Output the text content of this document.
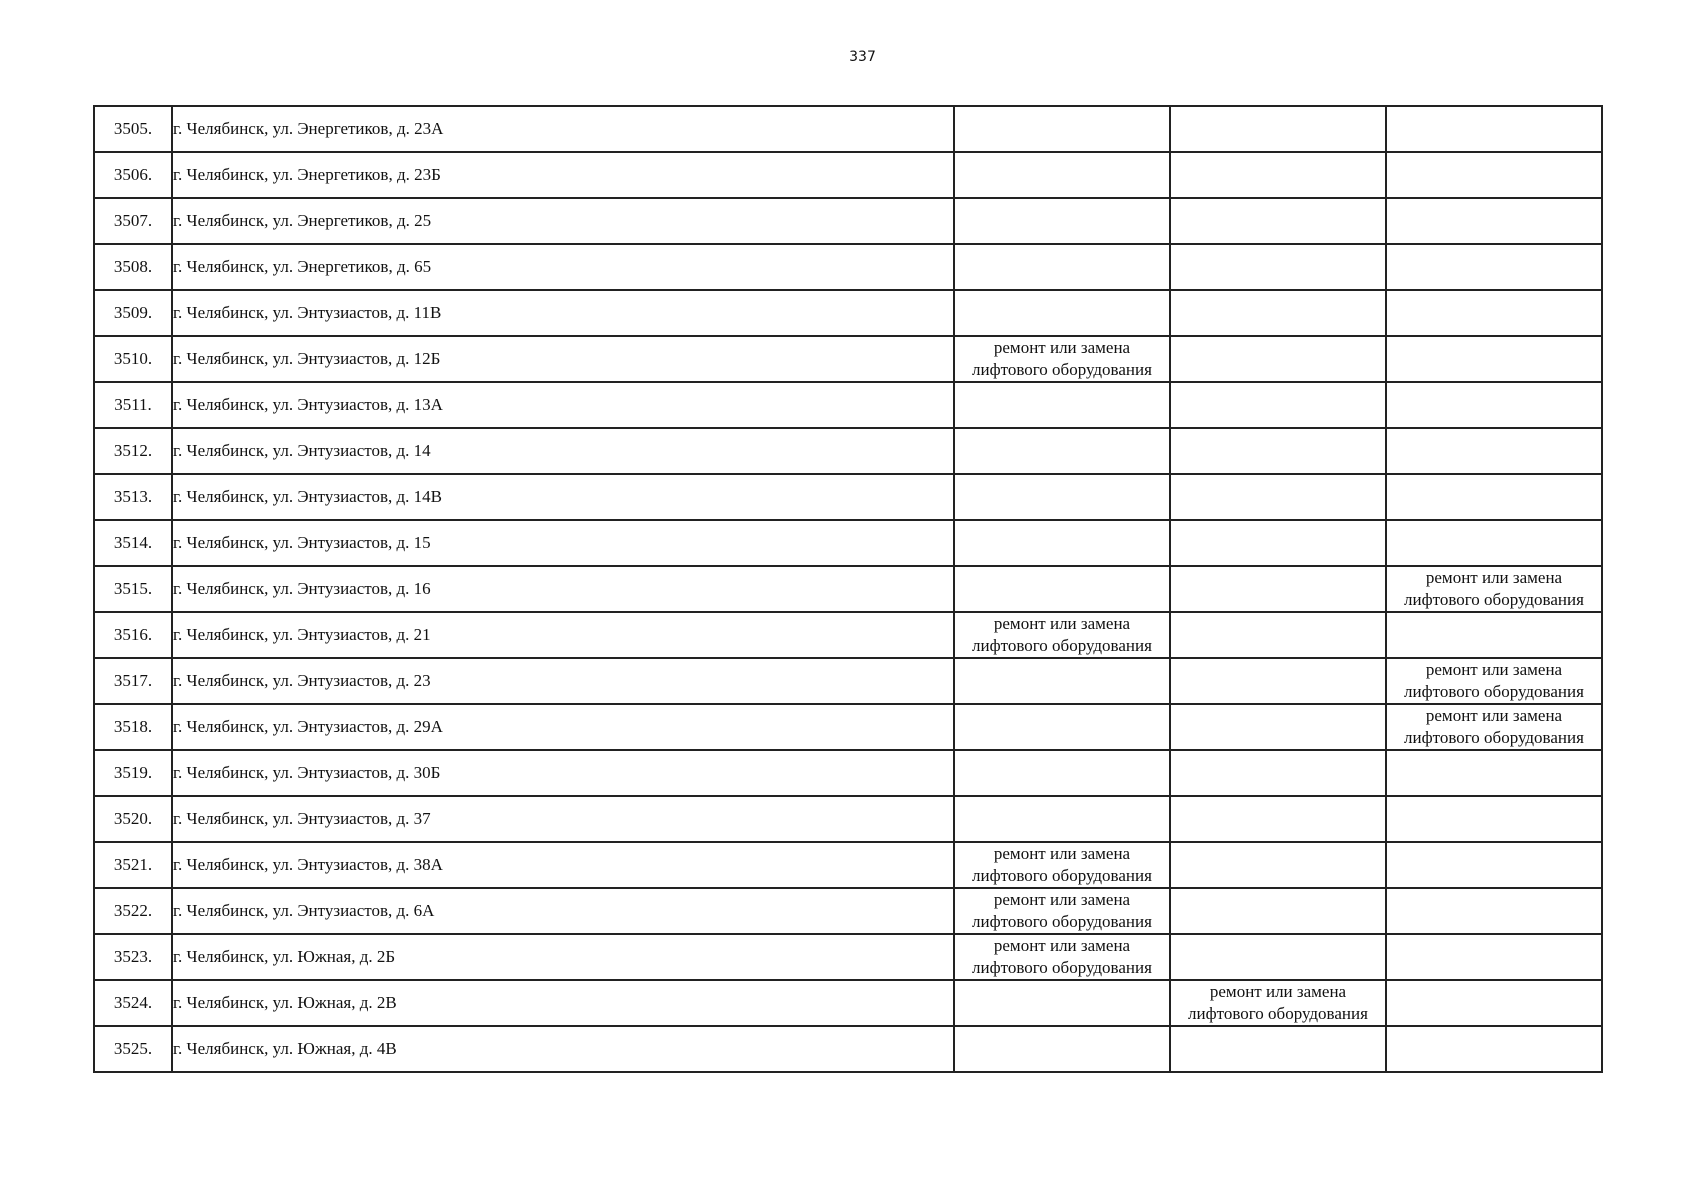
337
3505.	г. Челябинск, ул. Энергетиков, д. 23А	

3506.	г. Челябинск, ул. Энергетиков, д. 23Б	

3507.	г. Челябинск, ул. Энергетиков, д. 25	

3508.	г. Челябинск, ул. Энергетиков, д. 65	

3509.	г. Челябинск, ул. Энтузиастов, д. 11В	

3510.	г. Челябинск, ул. Энтузиастов, д. 12Б	ремонт или замена
лифтового оборудования		

3511.	г. Челябинск, ул. Энтузиастов, д. 13А	

3512.	г. Челябинск, ул. Энтузиастов, д. 14	

3513.	г. Челябинск, ул. Энтузиастов, д. 14В	

3514.	г. Челябинск, ул. Энтузиастов, д. 15	

3515.	г. Челябинск, ул. Энтузиастов, д. 16			ремонт или замена
лифтового оборудования

3516.	г. Челябинск, ул. Энтузиастов, д. 21	ремонт или замена
лифтового оборудования		

3517.	г. Челябинск, ул. Энтузиастов, д. 23			ремонт или замена
лифтового оборудования

3518.	г. Челябинск, ул. Энтузиастов, д. 29А			ремонт или замена
лифтового оборудования

3519.	г. Челябинск, ул. Энтузиастов, д. 30Б	

3520.	г. Челябинск, ул. Энтузиастов, д. 37	

3521.	г. Челябинск, ул. Энтузиастов, д. 38А	ремонт или замена
лифтового оборудования		

3522.	г. Челябинск, ул. Энтузиастов, д. 6А	ремонт или замена
лифтового оборудования		

3523.	г. Челябинск, ул. Южная, д. 2Б	ремонт или замена
лифтового оборудования		

3524.	г. Челябинск, ул. Южная, д. 2В		ремонт или замена
лифтового оборудования	

3525.	г. Челябинск, ул. Южная, д. 4В	
